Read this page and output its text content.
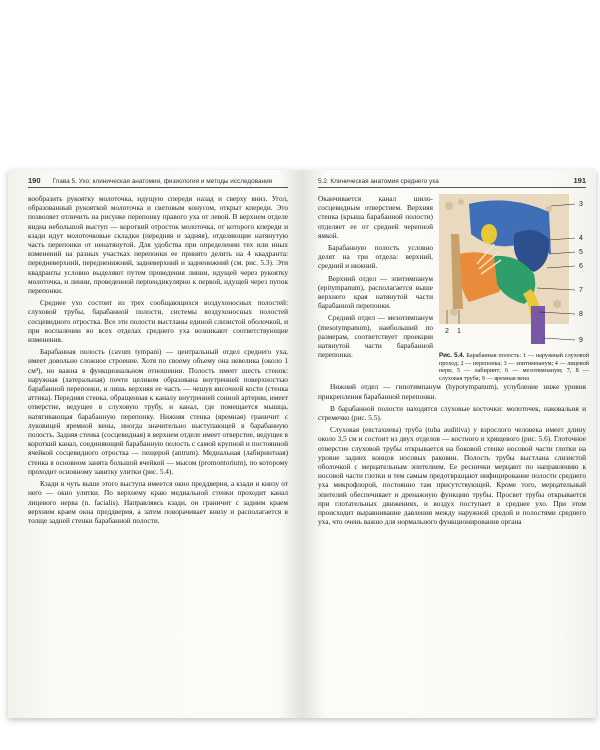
190 Глава 5. Ухо: клиническая анатомия, физиология и методы исследования

вообразить рукоятку молоточка, идущую спереди назад и сверху вниз. Угол, образованный рукояткой молоточка и световым конусом, открыт кпереди. Это позволяет отличить на рисунке перепонку правого уха от левой. В верхнем отделе видна небольшой выступ — короткий отросток молоточка, от которого кпереди и кзади идут молоточковые складки (передняя и задняя), отделяющие натянутую часть перепонки от ненатянутой. Для удобства при определении тех или иных изменений на разных участках перепонки ее принято делить на 4 квадранта: передневерхний, передненижний, задневерхний и задненижний (см. рис. 5.3). Эти квадранты условно выделяют путем проведения линии, идущей через рукоятку молоточка, и линии, проведенной перпендикулярно к первой, идущей через пупок перепонки.

Среднее ухо состоит из трех сообщающихся воздухоносных полостей: слуховой трубы, барабанной полости, системы воздухоносных полостей сосцевидного отростка. Все эти полости выстланы единой слизистой оболочкой, и при воспалении во всех отделах среднего уха возникают соответствующие изменения.

Барабанная полость (cavum tympani) — центральный отдел среднего уха, имеет довольно сложное строение. Хотя по своему объему она невелика (около 1 см³), но важна в функциональном отношении. Полость имеет шесть стенок: наружная (латеральная) почти целиком образована внутренней поверхностью барабанной перепонки, и лишь верхняя ее часть — чешуя височной кости (стенка аттика). Передняя стенка, обращенная к каналу внутренней сонной артерии, имеет отверстие, ведущее в слуховую трубу, и канал, где помещается мышца, натягивающая барабанную перепонку. Нижняя стенка (яремная) граничит с луковицей яремной вены, иногда значительно выступающей в барабанную полость. Задняя стенка (сосцевидная) в верхнем отделе имеет отверстие, ведущее в короткий канал, соединяющий барабанную полость с самой крупной и постоянной ячейкой сосцевидного отростка — пещерой (antrum). Медиальная (лабиринтная) стенка в основном занята большой ячейкой — мысом (promontorium), по которому проходит основному завитку улитки (рис. 5.4).

Кзади и чуть выше этого выступа имеется окно преддверия, а кзади и книзу от него — окно улитки. По верхнему краю медиальной стенки проходит канал лицевого нерва (n. facialis). Направляясь кзади, он граничит с задним краем верхним краем окна преддверия, а затем поворачивает книзу и располагается в толще задней стенки барабанной полости.

5.2. Клиническая анатомия среднего уха	191

Оканчивается канал шило-сосцевидным отверстием. Верхняя стенка (крыша барабанной полости) отделяет ее от средней черепной ямкой.

Барабанную полость условно делят на три отдела: верхний, средний и нижний.

Верхний отдел — эпитимпанум (epitympanum), располагается выше верхнего края натянутой части барабанной перепонки.

Средний отдел — мезотимпанум (mesotympanum), наибольший по размерам, соответствует проекции натянутой части барабанной перепонки.

3
4
5
6
7
8
9
2 1

Рис. 5.4. Барабанная полость: 1 — наружный слуховой проход; 2 — перепонка; 3 — эпитимпанум; 4 — лицевой нерв; 5 — лабиринт; 6 — мезотимпанум; 7, 8 — слуховая труба; 9 — яремная вена

Нижний отдел — гипотимпанум (hypotympanum), углубление ниже уровня прикрепления барабанной перепонки.

В барабанной полости находятся слуховые косточки: молоточек, наковальня и стремечко (рис. 5.5).

Слуховая (евстахиева) труба (tuba auditiva) у взрослого человека имеет длину около 3,5 см и состоит из двух отделов — костного и хрящевого (рис. 5.6). Глоточное отверстие слуховой трубы открывается на боковой стенке носовой части глотки на уровне задних концов носовых раковин. Полость трубы выстлана слизистой оболочкой с мерцательным эпителием. Ее реснички мерцают по направлению к носовой части глотки и тем самым предотвращают инфицирование полости среднего уха микрофлорой, постоянно там присутствующей. Кроме того, мерцательный эпителий обеспечивает и дренажную функцию трубы. Просвет трубы открывается при глотательных движениях, и воздух поступает в среднее ухо. При этом происходит выравнивание давления между наружной средой и полостями среднего уха, что очень важно для нормального функционирования органа
